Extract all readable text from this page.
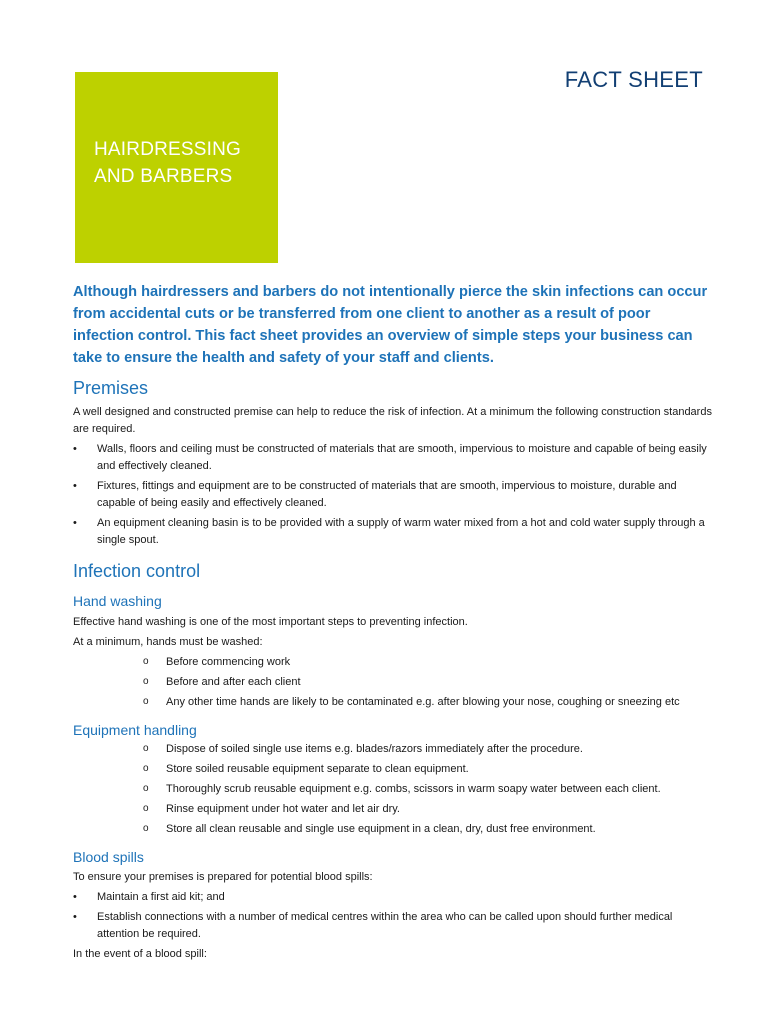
HAIRDRESSING
AND BARBERS
FACT SHEET

Although hairdressers and barbers do not intentionally pierce the skin infections can occur from accidental cuts or be transferred from one client to another as a result of poor infection control. This fact sheet provides an overview of simple steps your business can take to ensure the health and safety of your staff and clients.

Premises

A well designed and constructed premise can help to reduce the risk of infection. At a minimum the following construction standards are required.

• Walls, floors and ceiling must be constructed of materials that are smooth, impervious to moisture and capable of being easily and effectively cleaned.
• Fixtures, fittings and equipment are to be constructed of materials that are smooth, impervious to moisture, durable and capable of being easily and effectively cleaned.
• An equipment cleaning basin is to be provided with a supply of warm water mixed from a hot and cold water supply through a single spout.
Infection control
Hand washing

Effective hand washing is one of the most important steps to preventing infection.

At a minimum, hands must be washed:

o Before commencing work
o Before and after each client
o Any other time hands are likely to be contaminated e.g. after blowing your nose, coughing or sneezing etc
Equipment handling
o Dispose of soiled single use items e.g. blades/razors immediately after the procedure.
o Store soiled reusable equipment separate to clean equipment.
o Thoroughly scrub reusable equipment e.g. combs, scissors in warm soapy water between each client.
o Rinse equipment under hot water and let air dry.
o Store all clean reusable and single use equipment in a clean, dry, dust free environment.
Blood spills

To ensure your premises is prepared for potential blood spills:

• Maintain a first aid kit; and
• Establish connections with a number of medical centres within the area who can be called upon should further medical attention be required.

In the event of a blood spill:
